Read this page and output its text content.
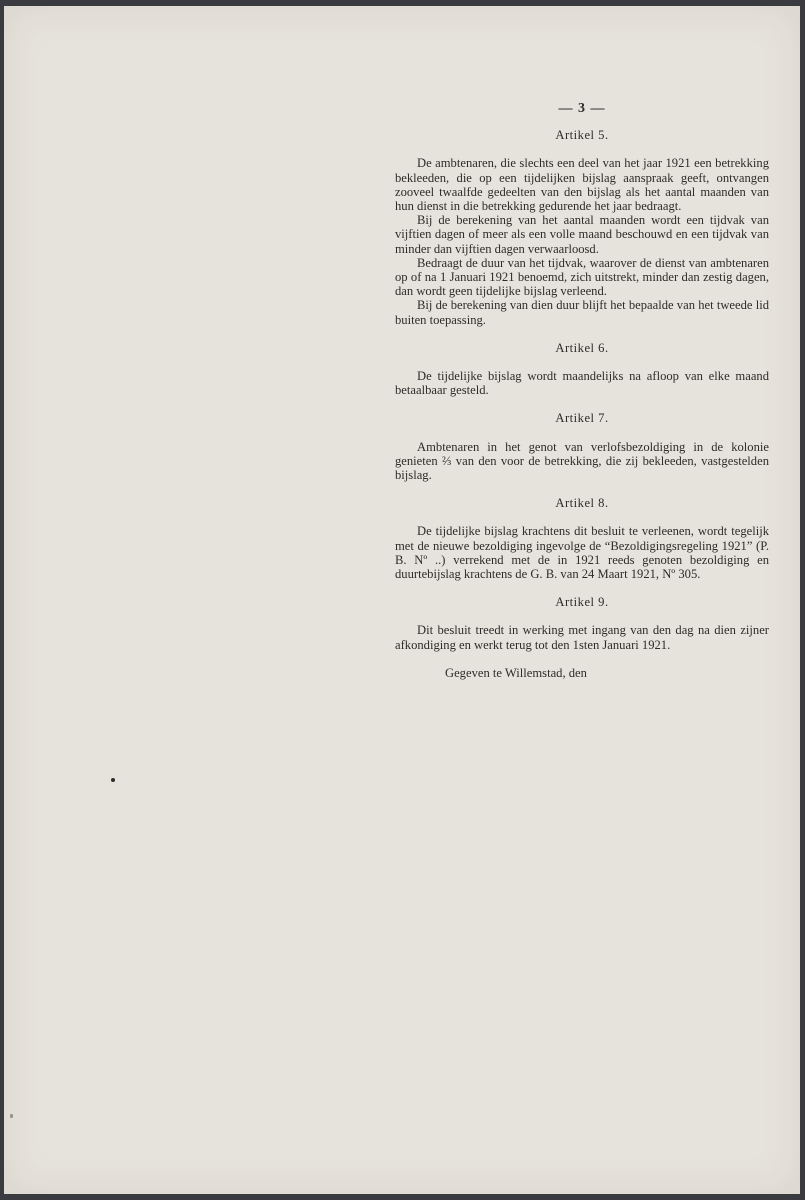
— 3 —
Artikel 5.

De ambtenaren, die slechts een deel van het jaar 1921 een betrekking bekleeden, die op een tijdelijken bijslag aanspraak geeft, ontvangen zooveel twaalfde gedeelten van den bijslag als het aantal maanden van hun dienst in die betrekking gedurende het jaar bedraagt.

Bij de berekening van het aantal maanden wordt een tijdvak van vijftien dagen of meer als een volle maand beschouwd en een tijdvak van minder dan vijftien dagen verwaarloosd.

Bedraagt de duur van het tijdvak, waarover de dienst van ambtenaren op of na 1 Januari 1921 benoemd, zich uitstrekt, minder dan zestig dagen, dan wordt geen tijdelijke bijslag verleend.

Bij de berekening van dien duur blijft het bepaalde van het tweede lid buiten toepassing.

Artikel 6.

De tijdelijke bijslag wordt maandelijks na afloop van elke maand betaalbaar gesteld.

Artikel 7.

Ambtenaren in het genot van verlofsbezoldiging in de kolonie genieten ⅔ van den voor de betrekking, die zij bekleeden, vastgestelden bijslag.

Artikel 8.

De tijdelijke bijslag krachtens dit besluit te verleenen, wordt tegelijk met de nieuwe bezoldiging ingevolge de “Bezoldigingsregeling 1921” (P. B. Nº ..) verrekend met de in 1921 reeds genoten bezoldiging en duurtebijslag krachtens de G. B. van 24 Maart 1921, Nº 305.

Artikel 9.

Dit besluit treedt in werking met ingang van den dag na dien zijner afkondiging en werkt terug tot den 1sten Januari 1921.

Gegeven te Willemstad, den
